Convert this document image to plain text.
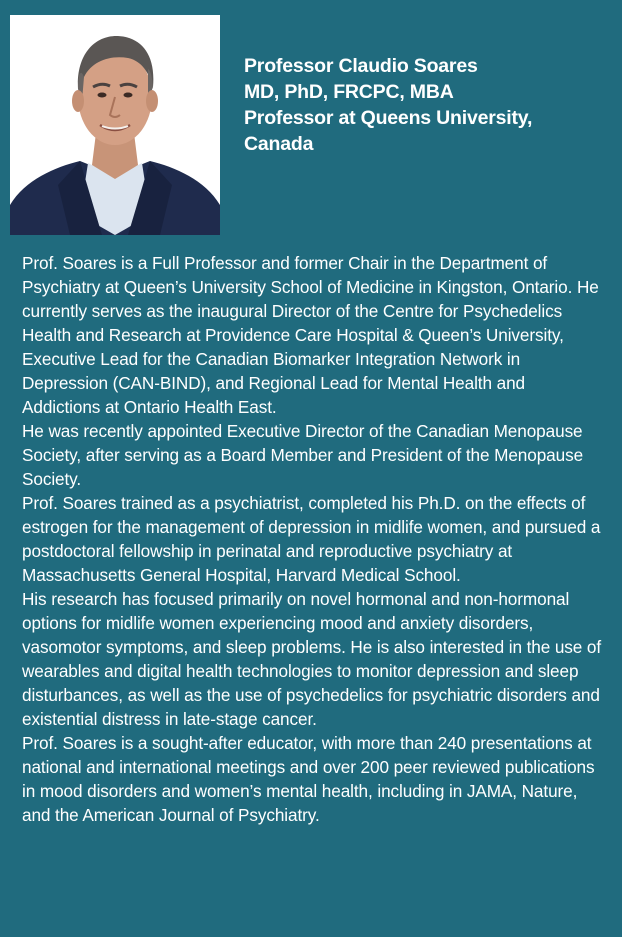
Professor Claudio Soares
MD, PhD, FRCPC, MBA
Professor at Queens University,
Canada

Prof. Soares is a Full Professor and former Chair in the Department of Psychiatry at Queen’s University School of Medicine in Kingston, Ontario. He currently serves as the inaugural Director of the Centre for Psychedelics Health and Research at Providence Care Hospital & Queen’s University, Executive Lead for the Canadian Biomarker Integration Network in Depression (CAN-BIND), and Regional Lead for Mental Health and Addictions at Ontario Health East.

He was recently appointed Executive Director of the Canadian Menopause Society, after serving as a Board Member and President of the Menopause Society.

Prof. Soares trained as a psychiatrist, completed his Ph.D. on the effects of estrogen for the management of depression in midlife women, and pursued a postdoctoral fellowship in perinatal and reproductive psychiatry at Massachusetts General Hospital, Harvard Medical School.

His research has focused primarily on novel hormonal and non-hormonal options for midlife women experiencing mood and anxiety disorders, vasomotor symptoms, and sleep problems. He is also interested in the use of wearables and digital health technologies to monitor depression and sleep disturbances, as well as the use of psychedelics for psychiatric disorders and existential distress in late-stage cancer.

Prof. Soares is a sought-after educator, with more than 240 presentations at national and international meetings and over 200 peer reviewed publications in mood disorders and women’s mental health, including in JAMA, Nature, and the American Journal of Psychiatry.
